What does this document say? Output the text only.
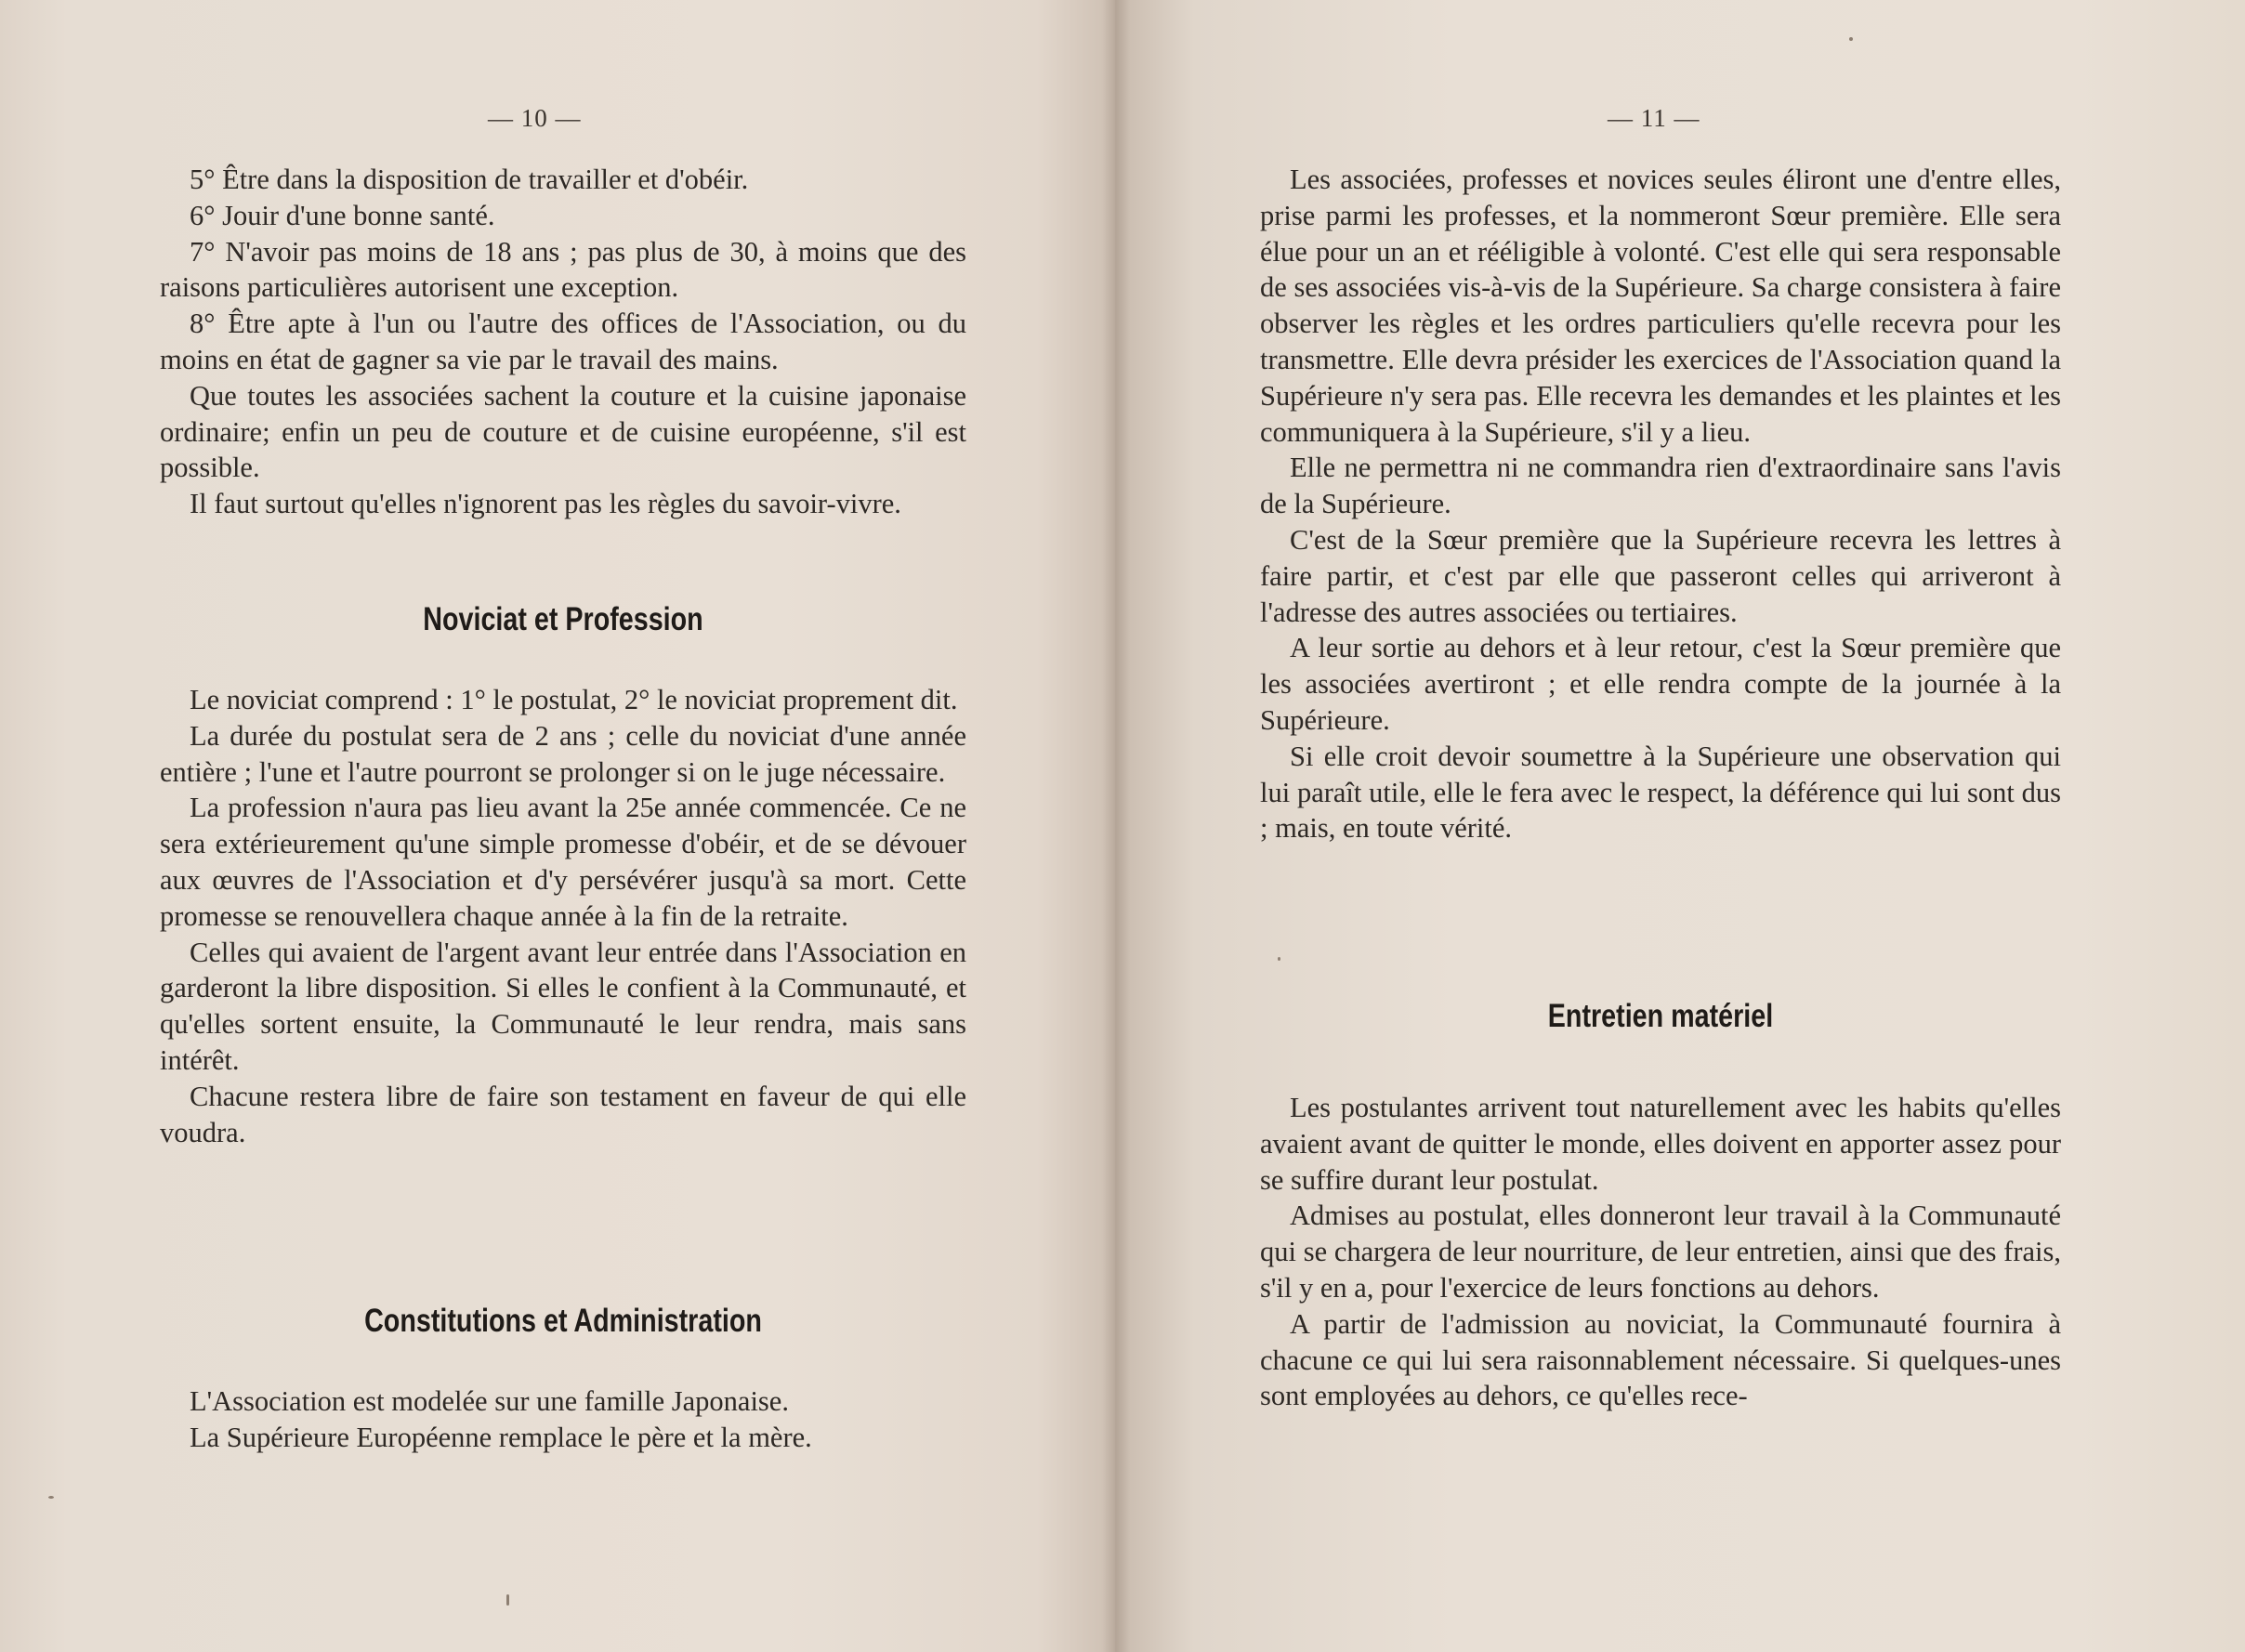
— 10 —

5° Être dans la disposition de travailler et d'obéir.

6° Jouir d'une bonne santé.

7° N'avoir pas moins de 18 ans ; pas plus de 30, à moins que des raisons particulières autorisent une exception.

8° Être apte à l'un ou l'autre des offices de l'Association, ou du moins en état de gagner sa vie par le travail des mains.

Que toutes les associées sachent la couture et la cuisine japonaise ordinaire; enfin un peu de couture et de cuisine européenne, s'il est possible.

Il faut surtout qu'elles n'ignorent pas les règles du savoir-vivre.

Noviciat et Profession

Le noviciat comprend : 1° le postulat, 2° le noviciat proprement dit.

La durée du postulat sera de 2 ans ; celle du noviciat d'une année entière ; l'une et l'autre pourront se prolonger si on le juge nécessaire.

La profession n'aura pas lieu avant la 25e année commencée. Ce ne sera extérieurement qu'une simple promesse d'obéir, et de se dévouer aux œuvres de l'Association et d'y persévérer jusqu'à sa mort. Cette promesse se renouvellera chaque année à la fin de la retraite.

Celles qui avaient de l'argent avant leur entrée dans l'Association en garderont la libre disposition. Si elles le confient à la Communauté, et qu'elles sortent ensuite, la Communauté le leur rendra, mais sans intérêt.

Chacune restera libre de faire son testament en faveur de qui elle voudra.

Constitutions et Administration

L'Association est modelée sur une famille Japonaise.

La Supérieure Européenne remplace le père et la mère.

— 11 —

Les associées, professes et novices seules éliront une d'entre elles, prise parmi les professes, et la nommeront Sœur première. Elle sera élue pour un an et rééligible à volonté. C'est elle qui sera responsable de ses associées vis-à-vis de la Supérieure. Sa charge consistera à faire observer les règles et les ordres particuliers qu'elle recevra pour les transmettre. Elle devra présider les exercices de l'Association quand la Supérieure n'y sera pas. Elle recevra les demandes et les plaintes et les communiquera à la Supérieure, s'il y a lieu.

Elle ne permettra ni ne commandra rien d'extraordinaire sans l'avis de la Supérieure.

C'est de la Sœur première que la Supérieure recevra les lettres à faire partir, et c'est par elle que passeront celles qui arriveront à l'adresse des autres associées ou tertiaires.

A leur sortie au dehors et à leur retour, c'est la Sœur première que les associées avertiront ; et elle rendra compte de la journée à la Supérieure.

Si elle croit devoir soumettre à la Supérieure une observation qui lui paraît utile, elle le fera avec le respect, la déférence qui lui sont dus ; mais, en toute vérité.

Entretien matériel

Les postulantes arrivent tout naturellement avec les habits qu'elles avaient avant de quitter le monde, elles doivent en apporter assez pour se suffire durant leur postulat.

Admises au postulat, elles donneront leur travail à la Communauté qui se chargera de leur nourriture, de leur entretien, ainsi que des frais, s'il y en a, pour l'exercice de leurs fonctions au dehors.

A partir de l'admission au noviciat, la Communauté fournira à chacune ce qui lui sera raisonnablement nécessaire. Si quelques-unes sont employées au dehors, ce qu'elles rece-
